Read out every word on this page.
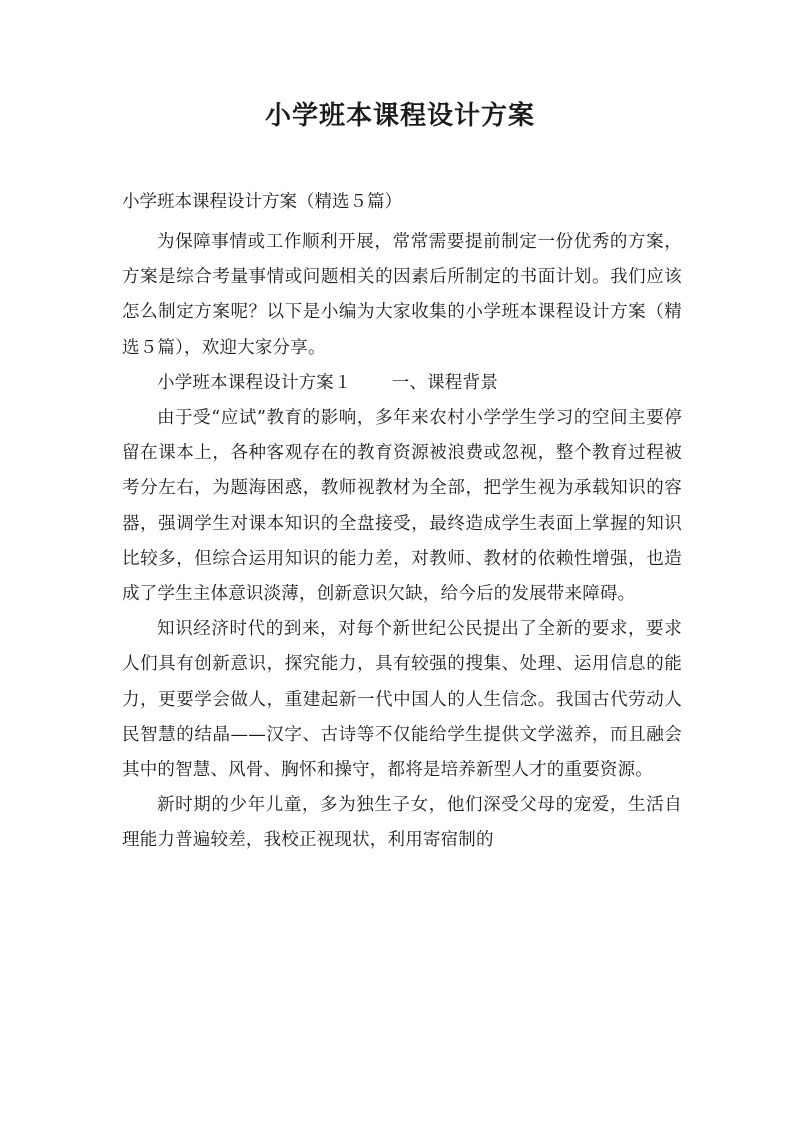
小学班本课程设计方案
小学班本课程设计方案（精选５篇）

为保障事情或工作顺利开展，常常需要提前制定一份优秀的方案，方案是综合考量事情或问题相关的因素后所制定的书面计划。我们应该怎么制定方案呢？以下是小编为大家收集的小学班本课程设计方案（精选５篇），欢迎大家分享。

小学班本课程设计方案１ 一、课程背景

由于受“应试”教育的影响，多年来农村小学学生学习的空间主要停留在课本上，各种客观存在的教育资源被浪费或忽视，整个教育过程被考分左右，为题海困惑，教师视教材为全部，把学生视为承载知识的容器，强调学生对课本知识的全盘接受，最终造成学生表面上掌握的知识比较多，但综合运用知识的能力差，对教师、教材的依赖性增强，也造成了学生主体意识淡薄，创新意识欠缺，给今后的发展带来障碍。

知识经济时代的到来，对每个新世纪公民提出了全新的要求，要求人们具有创新意识，探究能力，具有较强的搜集、处理、运用信息的能力，更要学会做人，重建起新一代中国人的人生信念。我国古代劳动人民智慧的结晶——汉字、古诗等不仅能给学生提供文学滋养，而且融会其中的智慧、风骨、胸怀和操守，都将是培养新型人才的重要资源。

新时期的少年儿童，多为独生子女，他们深受父母的宠爱，生活自理能力普遍较差，我校正视现状，利用寄宿制的
